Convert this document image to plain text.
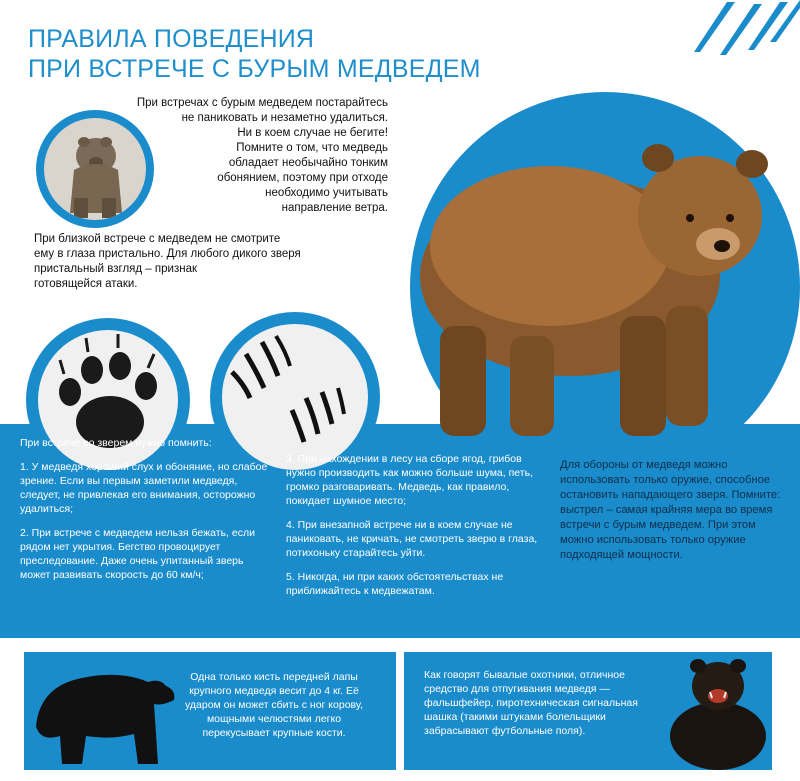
ПРАВИЛА ПОВЕДЕНИЯ
ПРИ ВСТРЕЧЕ С БУРЫМ МЕДВЕДЕМ
При встречах с бурым медведем постарайтесь
не паниковать и незаметно удалиться.
Ни в коем случае не бегите!
Помните о том, что медведь
обладает необычайно тонким
обонянием, поэтому при отходе
необходимо учитывать
направление ветра.
При близкой встрече с медведем не смотрите
ему в глаза пристально. Для любого дикого зверя
пристальный взгляд – признак
готовящейся атаки.

При встрече со зверем нужно помнить:

1. У медведя хороший слух и обоняние, но слабое зрение. Если вы первым заметили медведя, следует, не привлекая его внимания, осторожно удалиться;

2. При встрече с медведем нельзя бежать, если рядом нет укрытия. Бегство провоцирует преследование. Даже очень упитанный зверь может развивать скорость до 60 км/ч;

3. При нахождении в лесу на сборе ягод, грибов нужно производить как можно больше шума, петь, громко разговаривать. Медведь, как правило, покидает шумное место;

4. При внезапной встрече ни в коем случае не паниковать, не кричать, не смотреть зверю в глаза, потихоньку старайтесь уйти.

5. Никогда, ни при каких обстоятельствах не приближайтесь к медвежатам.

Для обороны от медведя можно использовать только оружие, способное остановить нападающего зверя. Помните: выстрел – самая крайняя мера во время встречи с бурым медведем. При этом можно использовать только оружие подходящей мощности.

Одна только кисть передней лапы крупного медведя весит до 4 кг. Её ударом он может сбить с ног корову, мощными челюстями легко перекусывает крупные кости.
Как говорят бывалые охотники, отличное средство для отпугивания медведя — фальшфейер, пиротехническая сигнальная шашка (такими штуками болельщики забрасывают футбольные поля).
